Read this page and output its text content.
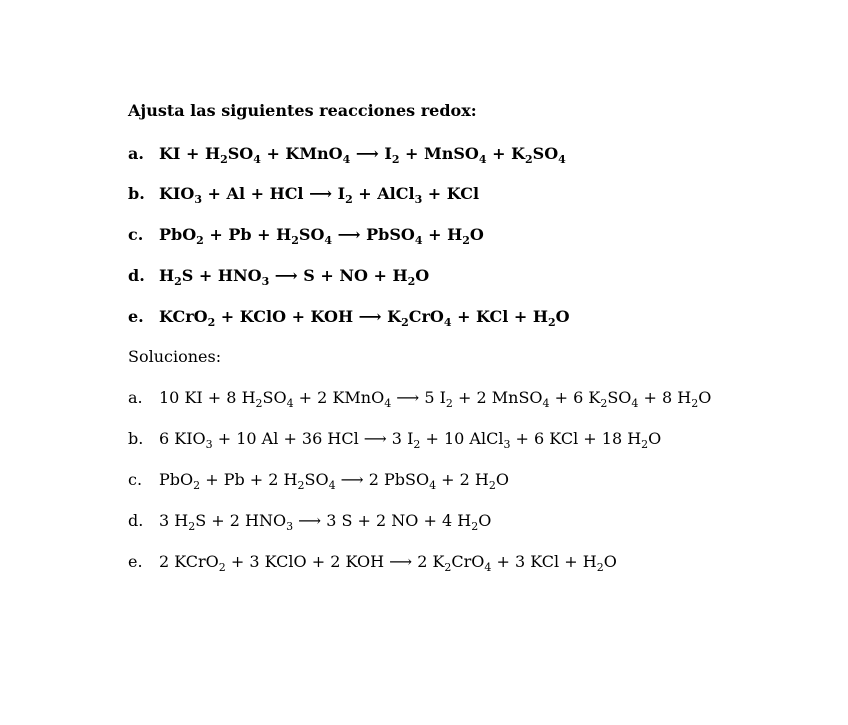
Ajusta las siguientes reacciones redox:
a. KI + $H_2SO_4$ + KMnO$_4$ ⟶ $I_2$ + MnSO$_4$ + $K_2SO_4$
b. $KIO_3 + Al$ + HCl ⟶ $I_2$ + AlCl$_3$ + KCl
c. $PbO_2 + Pb + H_2SO_4$ ⟶ PbSO$_4$ + $H_2O$
d. $H_2S + HNO_3$ ⟶ S + NO + $H_2O$
e. KCrO$_2$ + KClO + KOH ⟶ $K_2CrO_4$ + KCl + $H_2O$
Soluciones:
a. 10 KI + 8 $H_2SO_4 + 2$ KMnO$_4$ ⟶ 5 $I_2 + 2$ MnSO$_4$ + 6 $K_2SO_4 + 8$ $H_2O$
b. 6 $KIO_3 + 10$ Al + 36 HCl ⟶ 3 $I_2 + 10$ AlCl$_3$ + 6 KCl + 18 $H_2O$
c. PbO$_2$ + Pb + 2 $H_2SO_4$ ⟶ 2 PbSO$_4$ + 2 $H_2O$
d. 3 $H_2S + 2$ $HNO_3$ ⟶ 3 S + 2 NO + 4 $H_2O$
e. 2 KCrO$_2$ + 3 KClO + 2 KOH ⟶ 2 $K_2CrO_4 + 3$ KCl + $H_2O$
